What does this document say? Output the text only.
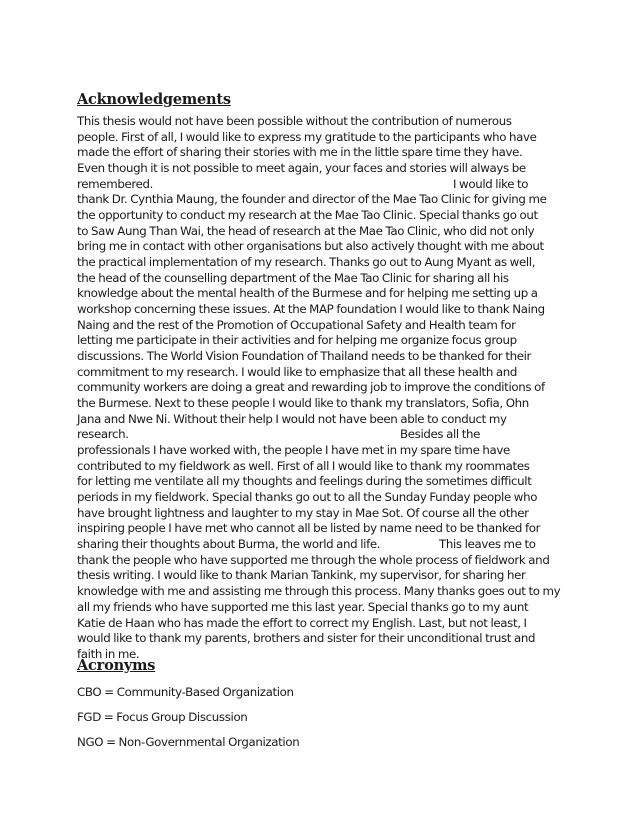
Acknowledgements
This thesis would not have been possible without the contribution of numerous
people. First of all, I would like to express my gratitude to the participants who have
made the effort of sharing their stories with me in the little spare time they have.
Even though it is not possible to meet again, your faces and stories will always be
remembered.	I would like to
thank Dr. Cynthia Maung, the founder and director of the Mae Tao Clinic for giving me
the opportunity to conduct my research at the Mae Tao Clinic. Special thanks go out
to Saw Aung Than Wai, the head of research at the Mae Tao Clinic, who did not only
bring me in contact with other organisations but also actively thought with me about
the practical implementation of my research. Thanks go out to Aung Myant as well,
the head of the counselling department of the Mae Tao Clinic for sharing all his
knowledge about the mental health of the Burmese and for helping me setting up a
workshop concerning these issues. At the MAP foundation I would like to thank Naing
Naing and the rest of the Promotion of Occupational Safety and Health team for
letting me participate in their activities and for helping me organize focus group
discussions. The World Vision Foundation of Thailand needs to be thanked for their
commitment to my research. I would like to emphasize that all these health and
community workers are doing a great and rewarding job to improve the conditions of
the Burmese. Next to these people I would like to thank my translators, Sofia, Ohn
Jana and Nwe Ni. Without their help I would not have been able to conduct my
research.	Besides all the
professionals I have worked with, the people I have met in my spare time have
contributed to my fieldwork as well. First of all I would like to thank my roommates
for letting me ventilate all my thoughts and feelings during the sometimes difficult
periods in my fieldwork. Special thanks go out to all the Sunday Funday people who
have brought lightness and laughter to my stay in Mae Sot. Of course all the other
inspiring people I have met who cannot all be listed by name need to be thanked for
sharing their thoughts about Burma, the world and life.	This leaves me to
thank the people who have supported me through the whole process of fieldwork and
thesis writing. I would like to thank Marian Tankink, my supervisor, for sharing her
knowledge with me and assisting me through this process. Many thanks goes out to my
all my friends who have supported me this last year. Special thanks go to my aunt
Katie de Haan who has made the effort to correct my English. Last, but not least, I
would like to thank my parents, brothers and sister for their unconditional trust and
faith in me.
Acronyms
CBO = Community-Based Organization
FGD = Focus Group Discussion
NGO = Non-Governmental Organization
